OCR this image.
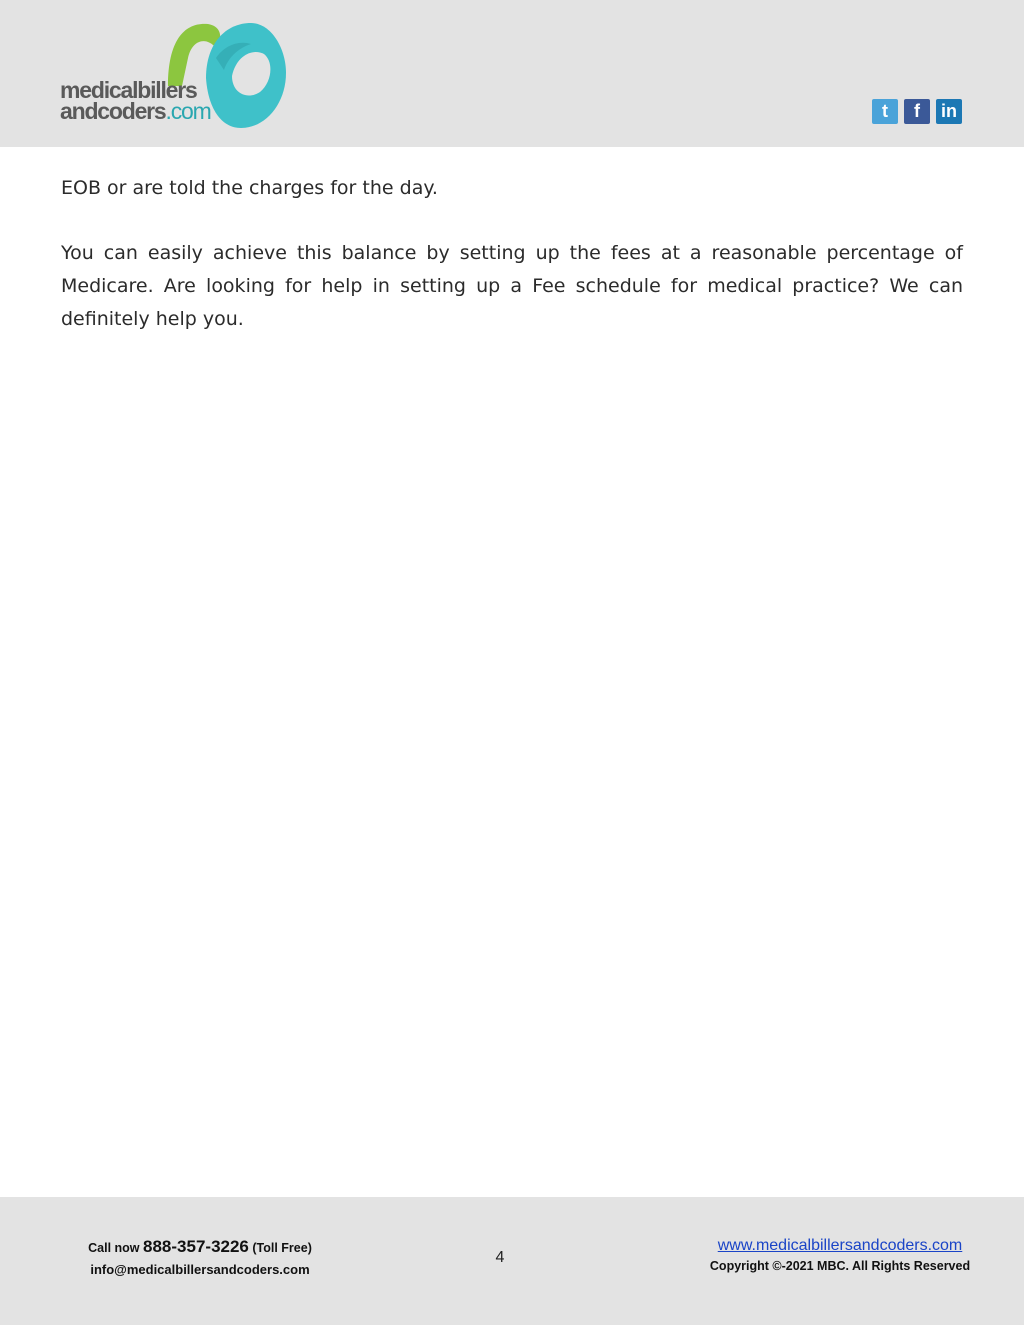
medicalbillers
andcoders.com	t f in

EOB or are told the charges for the day.

You can easily achieve this balance by setting up the fees at a reasonable percentage of Medicare. Are looking for help in setting up a Fee schedule for medical practice? We can definitely help you.

Call now 888-357-3226 (Toll Free)
info@medicalbillersandcoders.com
4
www.medicalbillersandcoders.com
Copyright ©-2021 MBC. All Rights Reserved
